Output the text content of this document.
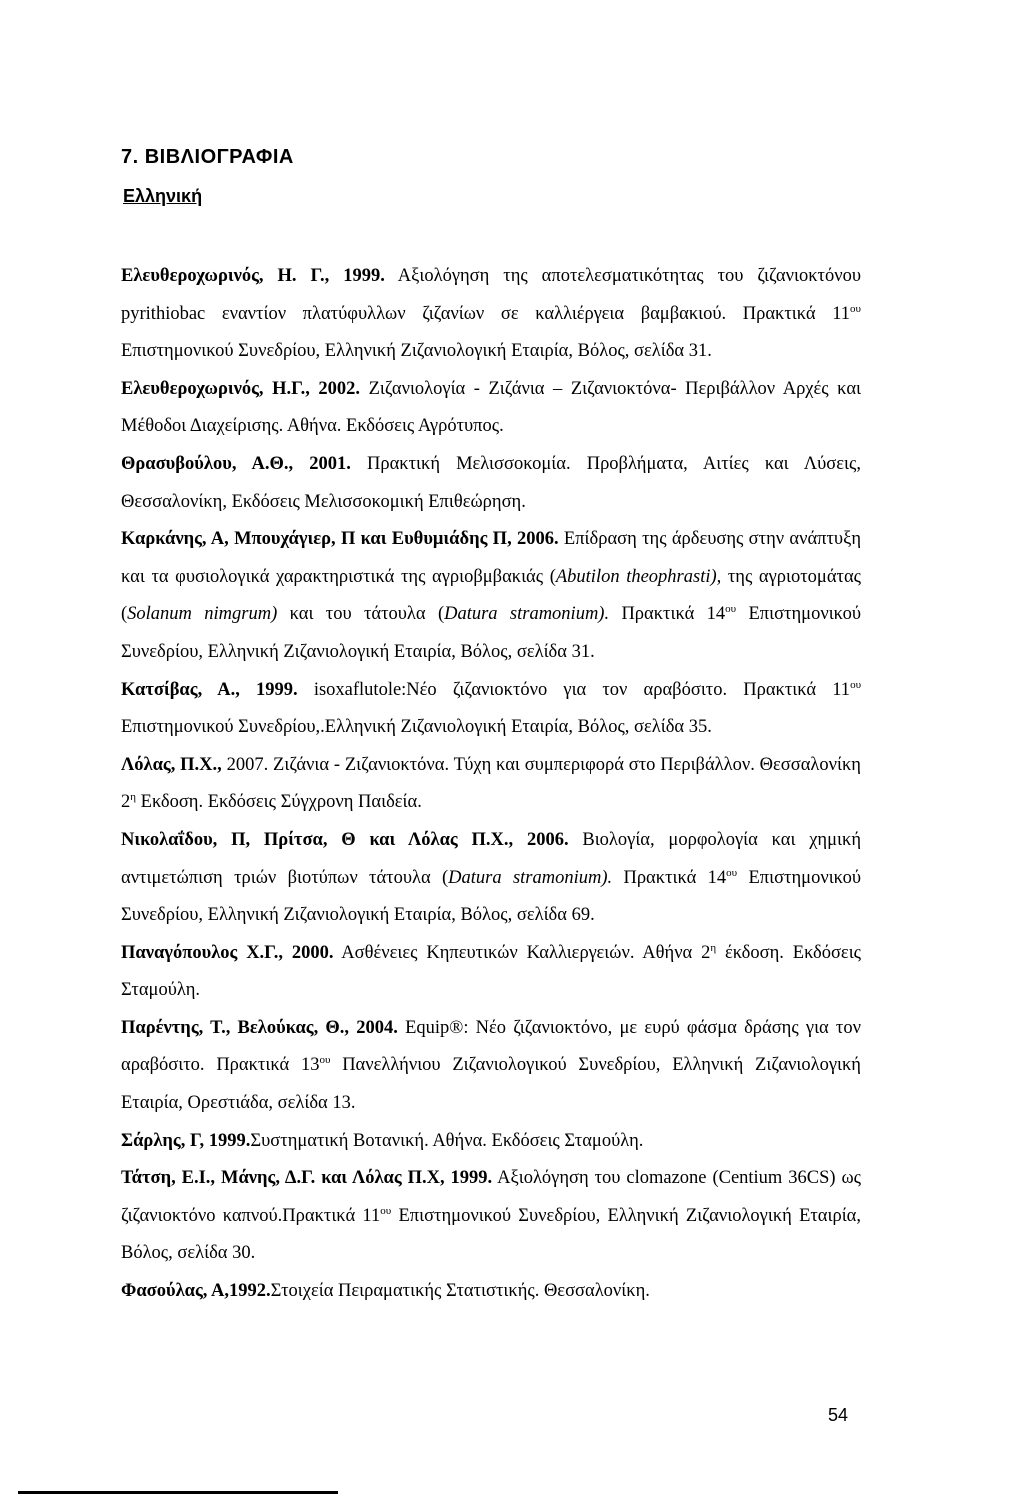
7. ΒΙΒΛΙΟΓΡΑΦΙΑ
Ελληνική

Ελευθεροχωρινός, Η. Γ., 1999. Αξιολόγηση της αποτελεσματικότητας του ζιζανιοκτόνου pyrithiobac εναντίον πλατύφυλλων ζιζανίων σε καλλιέργεια βαμβακιού. Πρακτικά $11^{o\upsilon}$ Επιστημονικού Συνεδρίου, Ελληνική Ζιζανιολογική Εταιρία, Βόλος, σελίδα 31.

Ελευθεροχωρινός, Η.Γ., 2002. Ζιζανιολογία - Ζιζάνια – Ζιζανιοκτόνα- Περιβάλλον Αρχές και Μέθοδοι Διαχείρισης. Αθήνα. Εκδόσεις Αγρότυπος.

Θρασυβούλου, Α.Θ., 2001. Πρακτική Μελισσοκομία. Προβλήματα, Αιτίες και Λύσεις, Θεσσαλονίκη, Εκδόσεις Μελισσοκομική Επιθεώρηση.

Καρκάνης, Α, Μπουχάγιερ, Π και Ευθυμιάδης Π, 2006. Επίδραση της άρδευσης στην ανάπτυξη και τα φυσιολογικά χαρακτηριστικά της αγριοβμβακιάς (Abutilon theophrasti), της αγριοτομάτας (Solanum nimgrum) και του τάτουλα (Datura stramonium). Πρακτικά $14^{o\upsilon}$ Επιστημονικού Συνεδρίου, Ελληνική Ζιζανιολογική Εταιρία, Βόλος, σελίδα 31.

Κατσίβας, Α., 1999. isoxaflutole:Νέο ζιζανιοκτόνο για τον αραβόσιτο. Πρακτικά $11^{o\upsilon}$ Επιστημονικού Συνεδρίου,.Ελληνική Ζιζανιολογική Εταιρία, Βόλος, σελίδα 35.

Λόλας, Π.Χ., 2007. Ζιζάνια - Ζιζανιοκτόνα. Τύχη και συμπεριφορά στο Περιβάλλον. Θεσσαλονίκη $2^\eta$ Εκδοση. Εκδόσεις Σύγχρονη Παιδεία.

Νικολαΐδου, Π, Πρίτσα, Θ και Λόλας Π.Χ., 2006. Βιολογία, μορφολογία και χημική αντιμετώπιση τριών βιοτύπων τάτουλα (Datura stramonium). Πρακτικά $14^{o\upsilon}$ Επιστημονικού Συνεδρίου, Ελληνική Ζιζανιολογική Εταιρία, Βόλος, σελίδα 69.

Παναγόπουλος Χ.Γ., 2000. Ασθένειες Κηπευτικών Καλλιεργειών. Αθήνα $2^\eta$ έκδοση. Εκδόσεις Σταμούλη.

Παρέντης, Τ., Βελούκας, Θ., 2004. Equip®: Νέο ζιζανιοκτόνο, με ευρύ φάσμα δράσης για τον αραβόσιτο. Πρακτικά $13^{o\upsilon}$ Πανελλήνιου Ζιζανιολογικού Συνεδρίου, Ελληνική Ζιζανιολογική Εταιρία, Ορεστιάδα, σελίδα 13.

Σάρλης, Γ, 1999.Συστηματική Βοτανική. Αθήνα. Εκδόσεις Σταμούλη.

Τάτση, Ε.Ι., Μάνης, Δ.Γ. και Λόλας Π.Χ, 1999. Αξιολόγηση του clomazone (Centium 36CS) ως ζιζανιοκτόνο καπνού.Πρακτικά $11^{o\upsilon}$ Επιστημονικού Συνεδρίου, Ελληνική Ζιζανιολογική Εταιρία, Βόλος, σελίδα 30.

Φασούλας, Α,1992.Στοιχεία Πειραματικής Στατιστικής. Θεσσαλονίκη.

54
